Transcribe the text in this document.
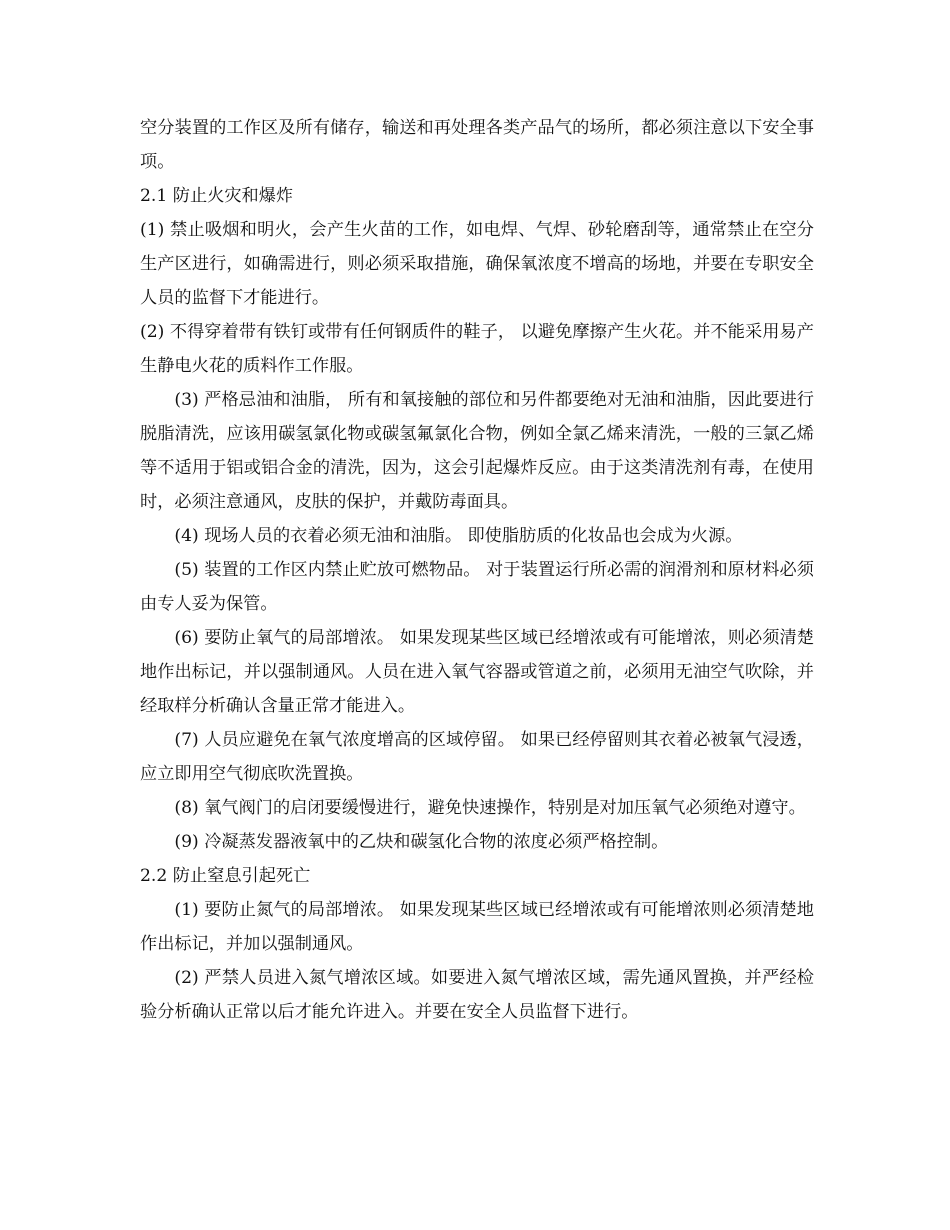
空分装置的工作区及所有储存，输送和再处理各类产品气的场所，都必须注意以下安全事项。

2.1 防止火灾和爆炸

(1) 禁止吸烟和明火，会产生火苗的工作，如电焊、气焊、砂轮磨刮等，通常禁止在空分生产区进行，如确需进行，则必须采取措施，确保氧浓度不增高的场地，并要在专职安全人员的监督下才能进行。

(2) 不得穿着带有铁钉或带有任何钢质件的鞋子， 以避免摩擦产生火花。并不能采用易产生静电火花的质料作工作服。

(3) 严格忌油和油脂， 所有和氧接触的部位和另件都要绝对无油和油脂，因此要进行脱脂清洗，应该用碳氢氯化物或碳氢氟氯化合物，例如全氯乙烯来清洗，一般的三氯乙烯等不适用于铝或铝合金的清洗，因为，这会引起爆炸反应。由于这类清洗剂有毒，在使用时，必须注意通风，皮肤的保护，并戴防毒面具。

(4) 现场人员的衣着必须无油和油脂。 即使脂肪质的化妆品也会成为火源。

(5) 装置的工作区内禁止贮放可燃物品。 对于装置运行所必需的润滑剂和原材料必须由专人妥为保管。

(6) 要防止氧气的局部增浓。 如果发现某些区域已经增浓或有可能增浓，则必须清楚地作出标记，并以强制通风。人员在进入氧气容器或管道之前，必须用无油空气吹除，并经取样分析确认含量正常才能进入。

(7) 人员应避免在氧气浓度增高的区域停留。 如果已经停留则其衣着必被氧气浸透，应立即用空气彻底吹洗置换。

(8) 氧气阀门的启闭要缓慢进行，避免快速操作，特别是对加压氧气必须绝对遵守。

(9) 冷凝蒸发器液氧中的乙炔和碳氢化合物的浓度必须严格控制。

2.2 防止窒息引起死亡

(1) 要防止氮气的局部增浓。 如果发现某些区域已经增浓或有可能增浓则必须清楚地作出标记，并加以强制通风。

(2) 严禁人员进入氮气增浓区域。如要进入氮气增浓区域，需先通风置换，并严经检验分析确认正常以后才能允许进入。并要在安全人员监督下进行。
